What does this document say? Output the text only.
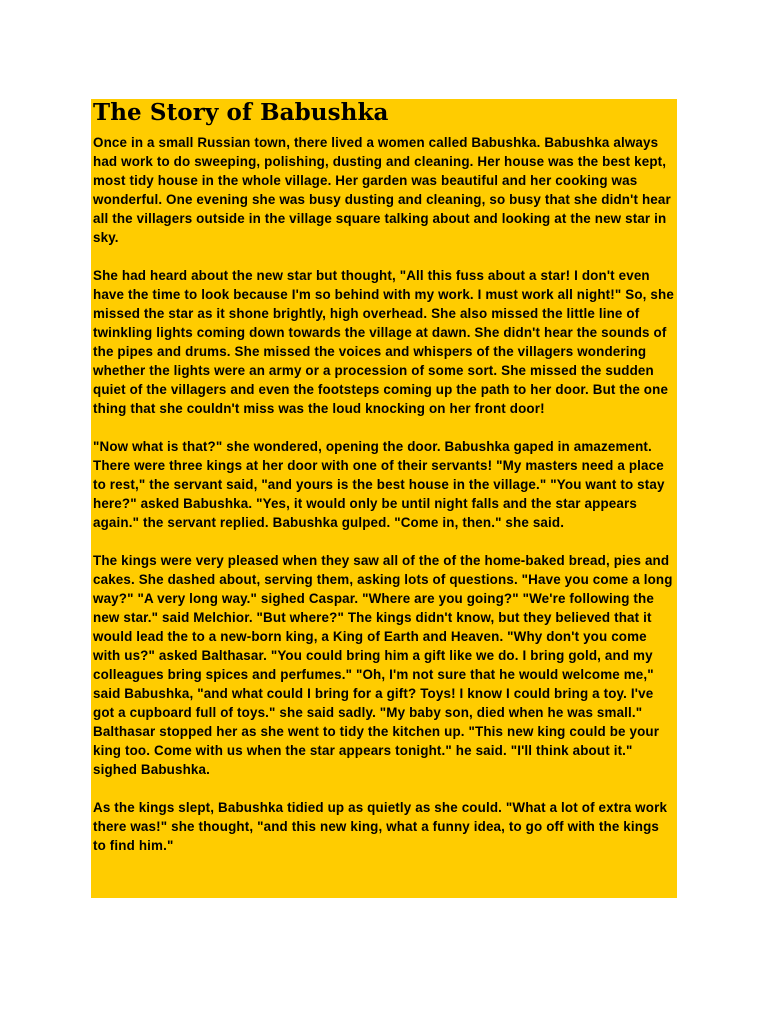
The Story of Babushka

Once in a small Russian town, there lived a women called Babushka. Babushka always had work to do sweeping, polishing, dusting and cleaning. Her house was the best kept, most tidy house in the whole village. Her garden was beautiful and her cooking was wonderful. One evening she was busy dusting and cleaning, so busy that she didn't hear all the villagers outside in the village square talking about and looking at the new star in sky.

She had heard about the new star but thought, "All this fuss about a star! I don't even have the time to look because I'm so behind with my work. I must work all night!" So, she missed the star as it shone brightly, high overhead. She also missed the little line of twinkling lights coming down towards the village at dawn. She didn't hear the sounds of the pipes and drums. She missed the voices and whispers of the villagers wondering whether the lights were an army or a procession of some sort. She missed the sudden quiet of the villagers and even the footsteps coming up the path to her door. But the one thing that she couldn't miss was the loud knocking on her front door!

"Now what is that?" she wondered, opening the door. Babushka gaped in amazement. There were three kings at her door with one of their servants! "My masters need a place to rest," the servant said, "and yours is the best house in the village." "You want to stay here?" asked Babushka. "Yes, it would only be until night falls and the star appears again." the servant replied. Babushka gulped. "Come in, then." she said.

The kings were very pleased when they saw all of the of the home-baked bread, pies and cakes. She dashed about, serving them, asking lots of questions. "Have you come a long way?" "A very long way." sighed Caspar. "Where are you going?" "We're following the new star." said Melchior. "But where?" The kings didn't know, but they believed that it would lead the to a new-born king, a King of Earth and Heaven. "Why don't you come with us?" asked Balthasar. "You could bring him a gift like we do. I bring gold, and my colleagues bring spices and perfumes." "Oh, I'm not sure that he would welcome me," said Babushka, "and what could I bring for a gift? Toys! I know I could bring a toy. I've got a cupboard full of toys." she said sadly. "My baby son, died when he was small." Balthasar stopped her as she went to tidy the kitchen up. "This new king could be your king too. Come with us when the star appears tonight." he said. "I'll think about it." sighed Babushka.

As the kings slept, Babushka tidied up as quietly as she could. "What a lot of extra work there was!" she thought, "and this new king, what a funny idea, to go off with the kings to find him."
